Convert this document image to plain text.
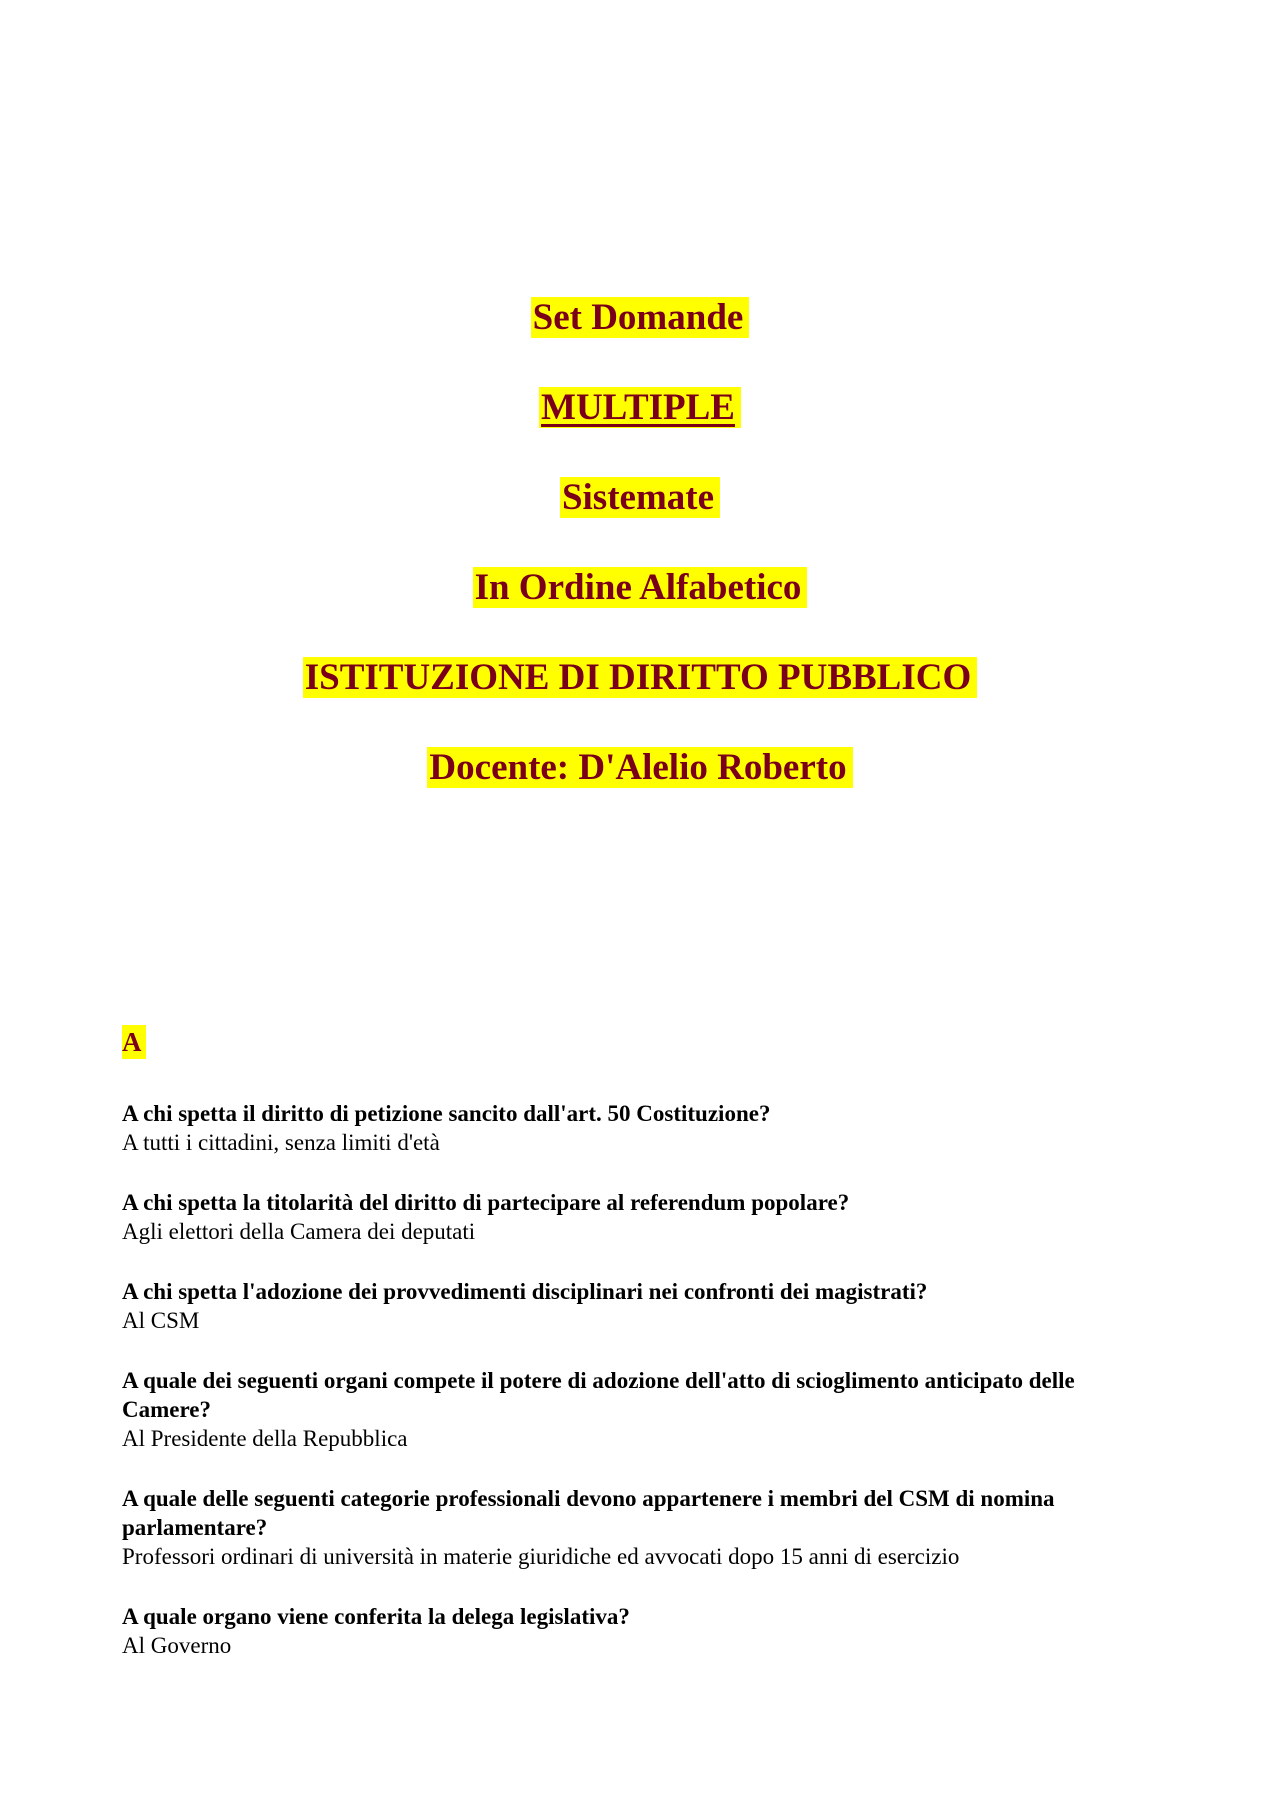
Set Domande
MULTIPLE
Sistemate
In Ordine Alfabetico
ISTITUZIONE DI DIRITTO PUBBLICO
Docente: D'Alelio Roberto
A
A chi spetta il diritto di petizione sancito dall'art. 50 Costituzione?
A tutti i cittadini, senza limiti d'età
A chi spetta la titolarità del diritto di partecipare al referendum popolare?
Agli elettori della Camera dei deputati
A chi spetta l'adozione dei provvedimenti disciplinari nei confronti dei magistrati?
Al CSM
A quale dei seguenti organi compete il potere di adozione dell'atto di scioglimento anticipato delle Camere?
Al Presidente della Repubblica
A quale delle seguenti categorie professionali devono appartenere i membri del CSM di nomina parlamentare?
Professori ordinari di università in materie giuridiche ed avvocati dopo 15 anni di esercizio
A quale organo viene conferita la delega legislativa?
Al Governo
